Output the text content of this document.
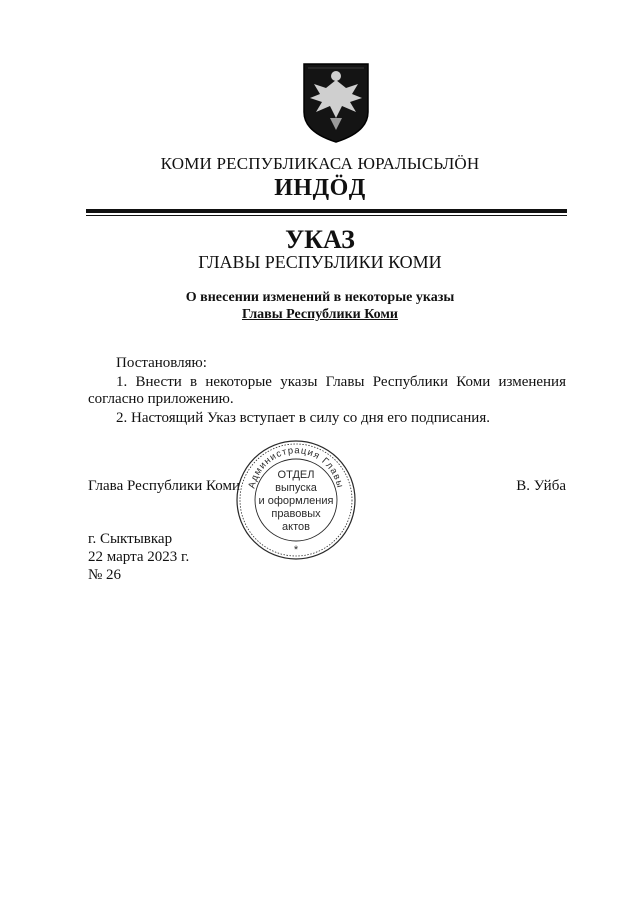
КОМИ РЕСПУБЛИКАСА ЮРАЛЫСЬЛÖН
ИНДÖД
УКАЗ
ГЛАВЫ РЕСПУБЛИКИ КОМИ
О внесении изменений в некоторые указы
Главы Республики Коми
Постановляю:
1. Внести в некоторые указы Главы Республики Коми изменения согласно приложению.
2. Настоящий Указ вступает в силу со дня его подписания.
Глава Республики Коми	В. Уйба
Администрация Главы
ОТДЕЛ
выпуска
и оформления
правовых
актов
*
г. Сыктывкар
22 марта 2023 г.
№ 26
